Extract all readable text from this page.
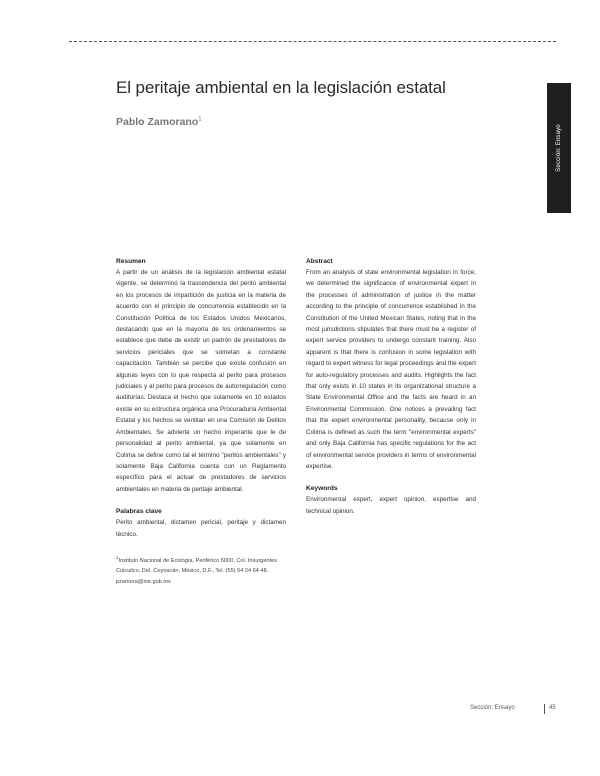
Sección: Ensayo
El peritaje ambiental en la legislación estatal

Pablo Zamorano$^1$

Resumen

A partir de un análisis de la legislación ambiental estatal vigente, se determinó la trascendencia del perito ambiental en los procesos de impartición de justicia en la materia de acuerdo con el principio de concurrencia establecido en la Constitución Política de los Estados Unidos Mexicanos, destacando que en la mayoría de los ordenamientos se establece que debe de existir un padrón de prestadores de servicios periciales que se sometan a constante capacitación. También se percibe que existe confusión en algunas leyes con lo que respecta al perito para procesos judiciales y al perito para procesos de autorregulación como auditorías. Destaca el hecho que solamente en 10 estados existe en su estructura orgánica una Procuraduría Ambiental Estatal y los hechos se ventilan en una Comisión de Delitos Ambientales. Se advierte un hecho imperante que le de personalidad al perito ambiental, ya que solamente en Colima se define como tal el término "peritos ambientales" y solamente Baja California cuenta con un Reglamento específico para el actuar de prestadores de servicios ambientales en materia de peritaje ambiental.

Palabras clave

Perito ambiental, dictamen pericial, peritaje y dictamen técnico.

$^1$Instituto Nacional de Ecología, Periférico 5000, Col. Insurgentes Cuicuilco, Del. Coyoacán, México, D.F., Tel. (55) 54 24 64 48. pzamora@ine.gob.mx

Abstract

From an analysis of state environmental legislation in force, we determined the significance of environmental expert in the processes of administration of justice in the matter according to the principle of concurrence established in the Constitution of the United Mexican States, noting that in the most jurisdictions stipulates that there must be a register of expert service providers to undergo constant training. Also apparent is that there is confusion in some legislation with regard to expert witness for legal proceedings and the expert for auto-regulatory processes and audits. Highlights the fact that only exists in 10 states in its organizational structure a State Environmental Office and the facts are heard in an Environmental Commission. One notices a prevailing fact that the expert environmental personality, because only in Colima is defined as such the term "environmental experts" and only Baja California has specific regulations for the act of environmental service providers in terms of environmental expertise.

Keywords

Environmental expert, expert opinion, expertise and technical opinion.

Sección: Ensayo	45
